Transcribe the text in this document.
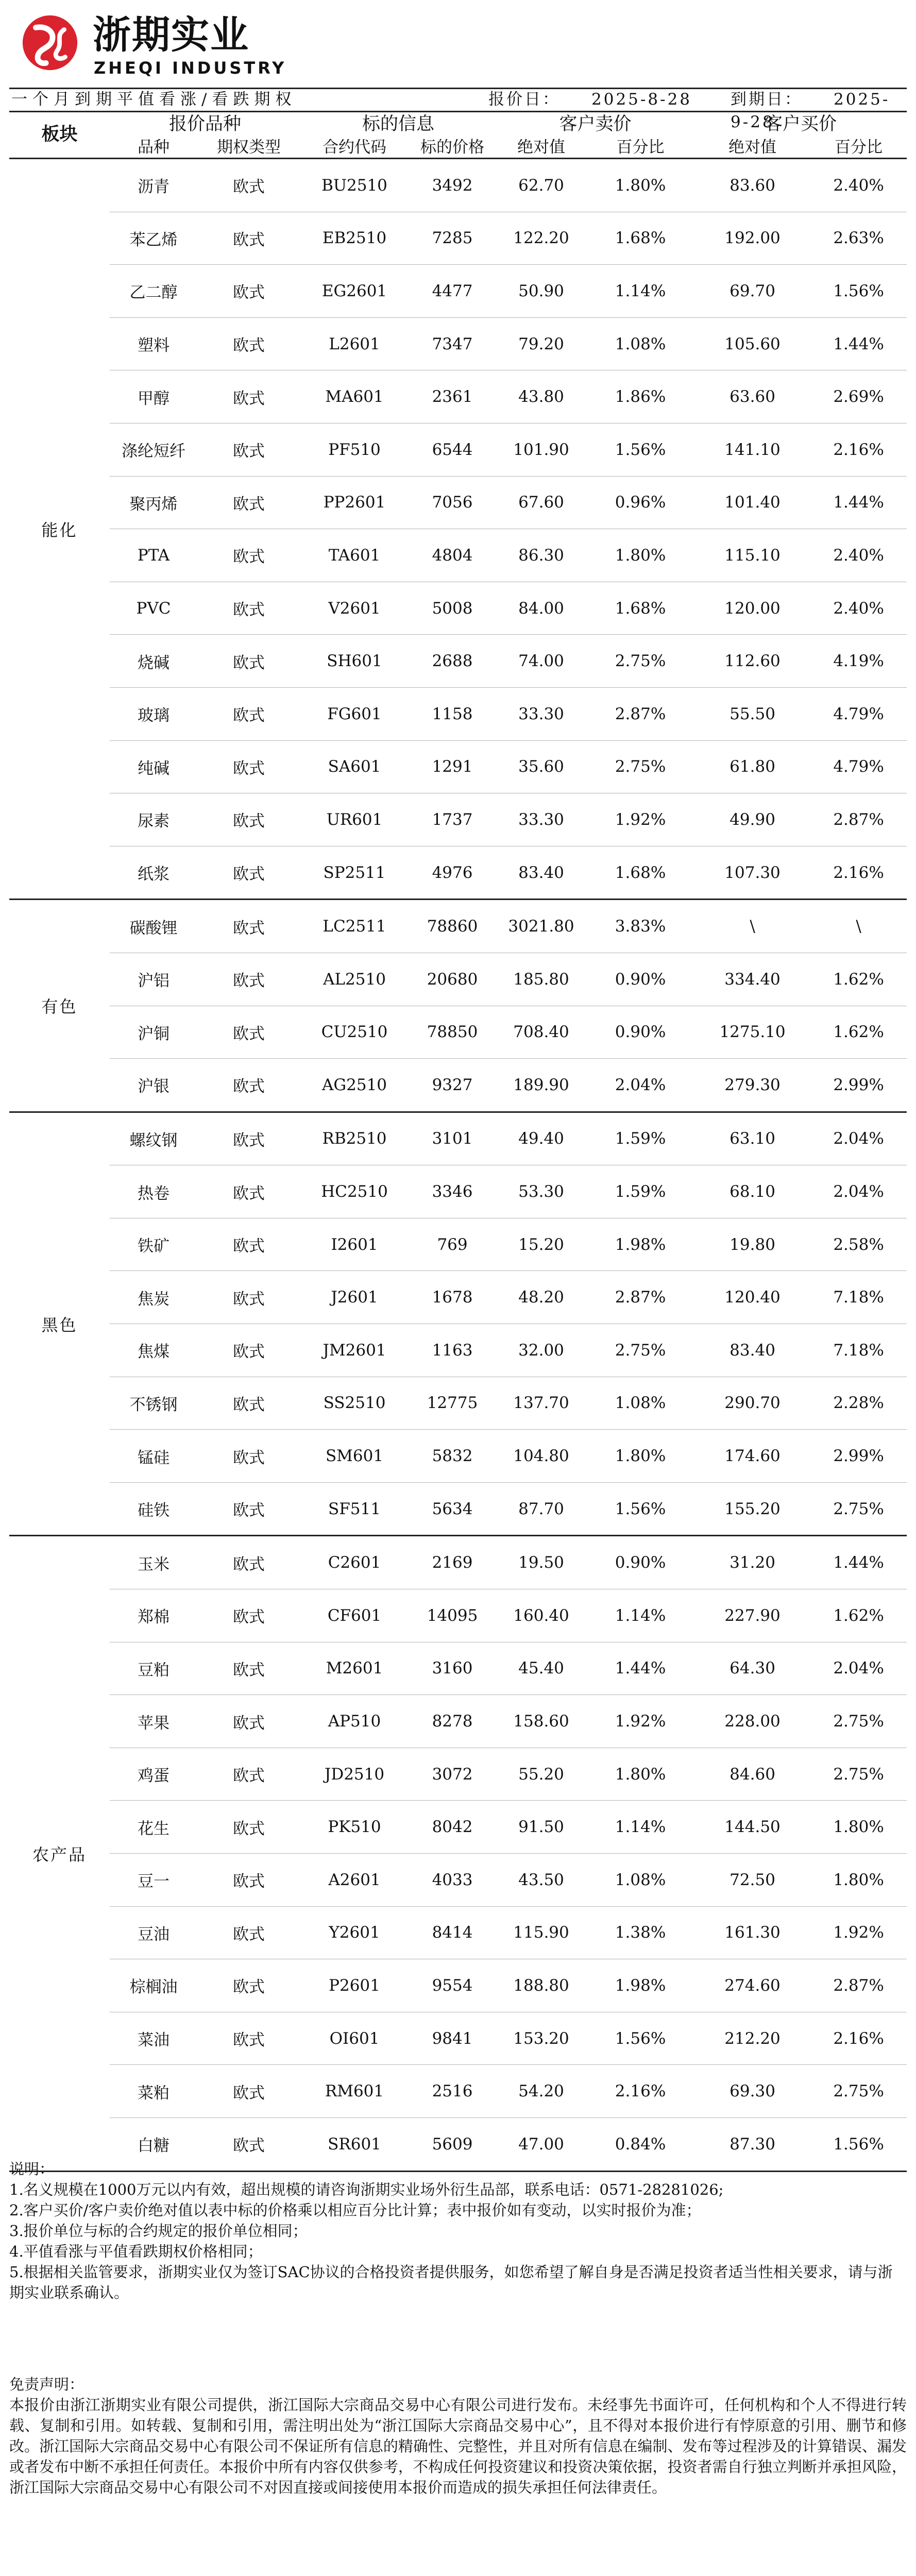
浙期实业
ZHEQI INDUSTRY
一个月到期平值看涨/看跌期权	报价日： 2025-8-28 到期日： 2025-9-28
板块	报价品种		标的信息		客户卖价		客户买价	
	品种	期权类型	合约代码	标的价格	绝对值	百分比	绝对值	百分比
能化	沥青	欧式	BU2510	3492	62.70	1.80%	83.60	2.40%
	苯乙烯	欧式	EB2510	7285	122.20	1.68%	192.00	2.63%
	乙二醇	欧式	EG2601	4477	50.90	1.14%	69.70	1.56%
	塑料	欧式	L2601	7347	79.20	1.08%	105.60	1.44%
	甲醇	欧式	MA601	2361	43.80	1.86%	63.60	2.69%
	涤纶短纤	欧式	PF510	6544	101.90	1.56%	141.10	2.16%
	聚丙烯	欧式	PP2601	7056	67.60	0.96%	101.40	1.44%
	PTA	欧式	TA601	4804	86.30	1.80%	115.10	2.40%
	PVC	欧式	V2601	5008	84.00	1.68%	120.00	2.40%
	烧碱	欧式	SH601	2688	74.00	2.75%	112.60	4.19%
	玻璃	欧式	FG601	1158	33.30	2.87%	55.50	4.79%
	纯碱	欧式	SA601	1291	35.60	2.75%	61.80	4.79%
	尿素	欧式	UR601	1737	33.30	1.92%	49.90	2.87%
	纸浆	欧式	SP2511	4976	83.40	1.68%	107.30	2.16%
有色	碳酸锂	欧式	LC2511	78860	3021.80	3.83%	\	\
	沪铝	欧式	AL2510	20680	185.80	0.90%	334.40	1.62%
	沪铜	欧式	CU2510	78850	708.40	0.90%	1275.10	1.62%
	沪银	欧式	AG2510	9327	189.90	2.04%	279.30	2.99%
黑色	螺纹钢	欧式	RB2510	3101	49.40	1.59%	63.10	2.04%
	热卷	欧式	HC2510	3346	53.30	1.59%	68.10	2.04%
	铁矿	欧式	I2601	769	15.20	1.98%	19.80	2.58%
	焦炭	欧式	J2601	1678	48.20	2.87%	120.40	7.18%
	焦煤	欧式	JM2601	1163	32.00	2.75%	83.40	7.18%
	不锈钢	欧式	SS2510	12775	137.70	1.08%	290.70	2.28%
	锰硅	欧式	SM601	5832	104.80	1.80%	174.60	2.99%
	硅铁	欧式	SF511	5634	87.70	1.56%	155.20	2.75%
农产品	玉米	欧式	C2601	2169	19.50	0.90%	31.20	1.44%
	郑棉	欧式	CF601	14095	160.40	1.14%	227.90	1.62%
	豆粕	欧式	M2601	3160	45.40	1.44%	64.30	2.04%
	苹果	欧式	AP510	8278	158.60	1.92%	228.00	2.75%
	鸡蛋	欧式	JD2510	3072	55.20	1.80%	84.60	2.75%
	花生	欧式	PK510	8042	91.50	1.14%	144.50	1.80%
	豆一	欧式	A2601	4033	43.50	1.08%	72.50	1.80%
	豆油	欧式	Y2601	8414	115.90	1.38%	161.30	1.92%
	棕榈油	欧式	P2601	9554	188.80	1.98%	274.60	2.87%
	菜油	欧式	OI601	9841	153.20	1.56%	212.20	2.16%
	菜粕	欧式	RM601	2516	54.20	2.16%	69.30	2.75%
	白糖	欧式	SR601	5609	47.00	0.84%	87.30	1.56%

说明：

1.名义规模在1000万元以内有效，超出规模的请咨询浙期实业场外衍生品部，联系电话：0571-28281026;

2.客户买价/客户卖价绝对值以表中标的价格乘以相应百分比计算；表中报价如有变动，以实时报价为准；

3.报价单位与标的合约规定的报价单位相同；

4.平值看涨与平值看跌期权价格相同；

5.根据相关监管要求，浙期实业仅为签订SAC协议的合格投资者提供服务，如您希望了解自身是否满足投资者适当性相关要求，请与浙期实业联系确认。

免责声明：

本报价由浙江浙期实业有限公司提供，浙江国际大宗商品交易中心有限公司进行发布。未经事先书面许可，任何机构和个人不得进行转载、复制和引用。如转载、复制和引用，需注明出处为“浙江国际大宗商品交易中心”，且不得对本报价进行有悖原意的引用、删节和修改。浙江国际大宗商品交易中心有限公司不保证所有信息的精确性、完整性，并且对所有信息在编制、发布等过程涉及的计算错误、漏发或者发布中断不承担任何责任。本报价中所有内容仅供参考，不构成任何投资建议和投资决策依据，投资者需自行独立判断并承担风险，浙江国际大宗商品交易中心有限公司不对因直接或间接使用本报价而造成的损失承担任何法律责任。
